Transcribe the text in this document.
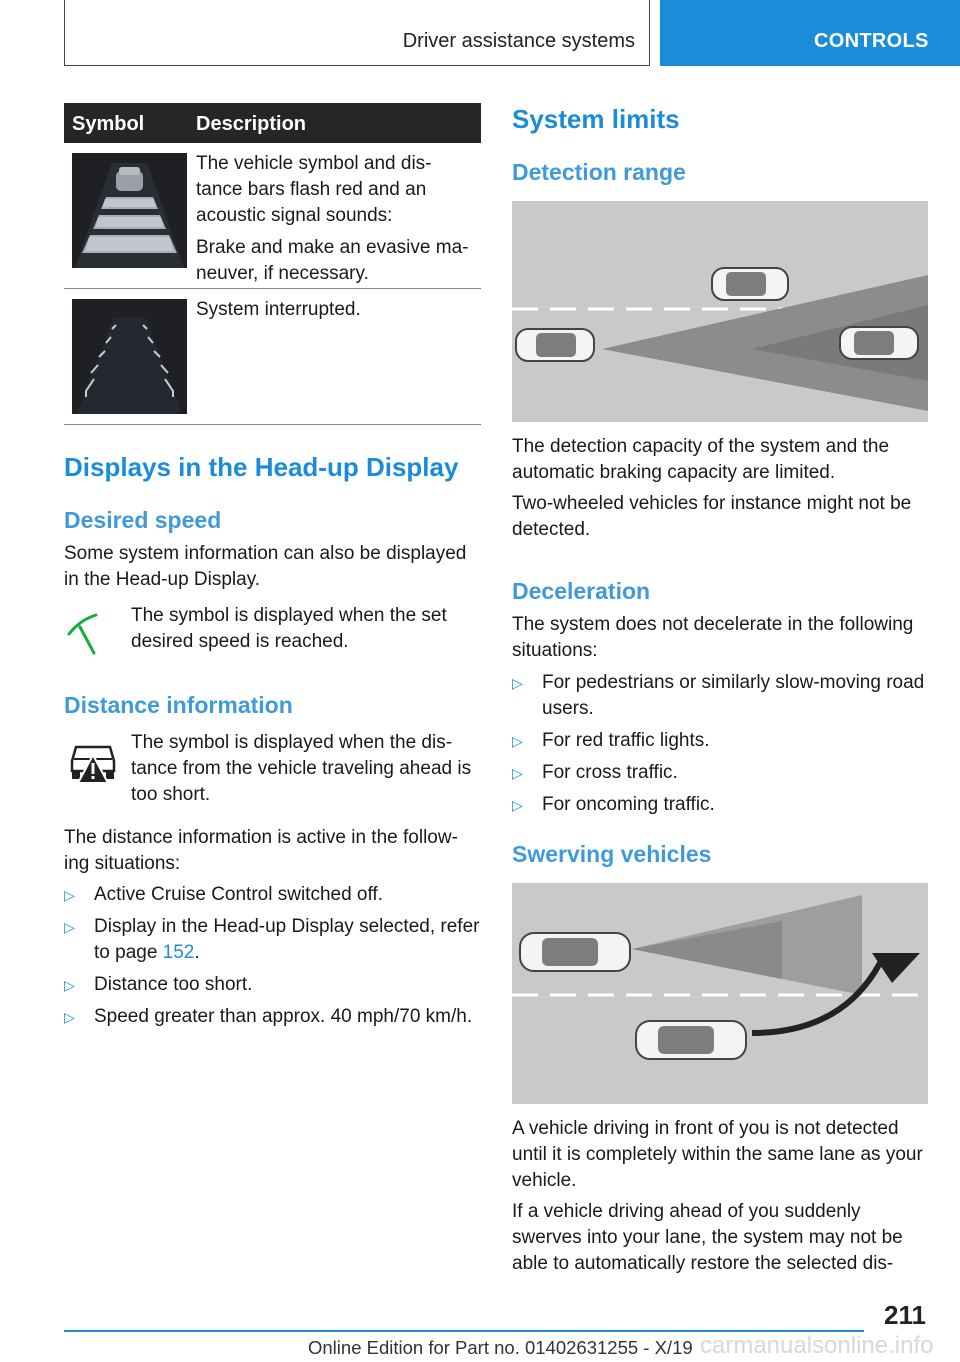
Driver assistance systems	CONTROLS
Symbol	Description

The vehicle symbol and dis-tance bars flash red and an acoustic signal sounds:

Brake and make an evasive ma-neuver, if necessary.

System interrupted.

Displays in the Head-up Display
Desired speed

Some system information can also be displayed in the Head-up Display.

The symbol is displayed when the set desired speed is reached.

Distance information

The symbol is displayed when the dis-tance from the vehicle traveling ahead is too short.

The distance information is active in the follow-ing situations:

▷ Active Cruise Control switched off.
▷ Display in the Head-up Display selected, refer to page 152.
▷ Distance too short.
▷ Speed greater than approx. 40 mph/70 km/h.
System limits
Detection range

The detection capacity of the system and the automatic braking capacity are limited.

Two-wheeled vehicles for instance might not be detected.

Deceleration

The system does not decelerate in the following situations:

▷ For pedestrians or similarly slow-moving road users.
▷ For red traffic lights.
▷ For cross traffic.
▷ For oncoming traffic.
Swerving vehicles

A vehicle driving in front of you is not detected until it is completely within the same lane as your vehicle.

If a vehicle driving ahead of you suddenly swerves into your lane, the system may not be able to automatically restore the selected dis-

211
carmanualsonline.info
Online Edition for Part no. 01402631255 - X/19
